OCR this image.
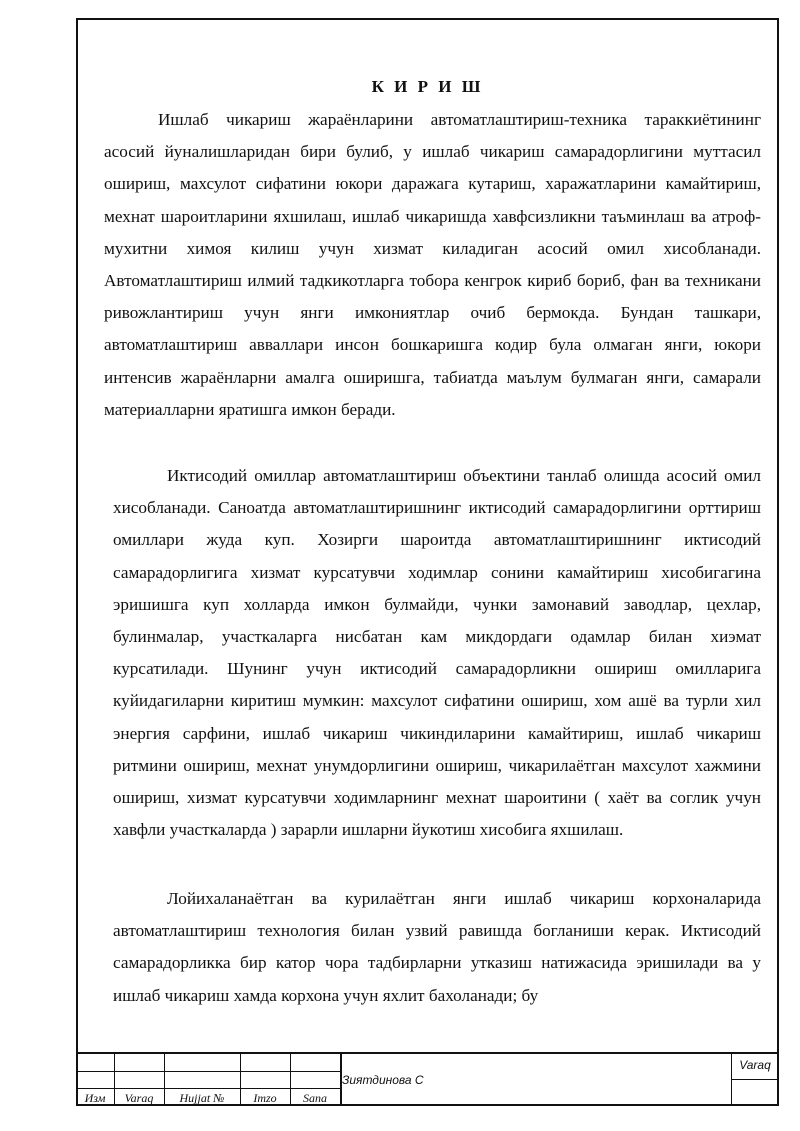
К И Р И Ш

Ишлаб чикариш жараёнларини автоматлаштириш-техника тараккиётининг асосий йуналишларидан бири булиб, у ишлаб чикариш самарадорлигини муттасил ошириш, махсулот сифатини юкори даражага кутариш, харажатларини камайтириш, мехнат шароитларини яхшилаш, ишлаб чикаришда хавфсизликни таъминлаш ва атроф-мухитни химоя килиш учун хизмат киладиган асосий омил хисобланади. Автоматлаштириш илмий тадкикотларга тобора кенгрок кириб бориб, фан ва техникани ривожлантириш учун янги имкониятлар очиб бермокда. Бундан ташкари, автоматлаштириш авваллари инсон бошкаришга кодир була олмаган янги, юкори интенсив жараёнларни амалга оширишга, табиатда маълум булмаган янги, самарали материалларни яратишга имкон беради.

Иктисодий омиллар автоматлаштириш объектини танлаб олишда асосий омил хисобланади. Саноатда автоматлаштиришнинг иктисодий самарадорлигини орттириш омиллари жуда куп. Хозирги шароитда автоматлаштиришнинг иктисодий самарадорлигига хизмат курсатувчи ходимлар сонини камайтириш хисобигагина эришишга куп холларда имкон булмайди, чунки замонавий заводлар, цехлар, булинмалар, участкаларга нисбатан кам микдордаги одамлар билан хиэмат курсатилади. Шунинг учун иктисодий самарадорликни ошириш омилларига куйидагиларни киритиш мумкин: махсулот сифатини ошириш, хом ашё ва турли хил энергия сарфини, ишлаб чикариш чикиндиларини камайтириш, ишлаб чикариш ритмини ошириш, мехнат унумдорлигини ошириш, чикарилаётган махсулот хажмини ошириш, хизмат курсатувчи ходимларнинг мехнат шароитини ( хаёт ва соглик учун хавфли участкаларда ) зарарли ишларни йукотиш хисобига яхшилаш.

Лойихаланаётган ва курилаётган янги ишлаб чикариш корхоналарида автоматлаштириш технология билан узвий равишда богланиши керак. Иктисодий самарадорликка бир катор чора тадбирларни утказиш натижасида эришилади ва у ишлаб чикариш хамда корхона учун яхлит бахоланади; бу

Изм	Varaq	Hujjat №	Imzo	Sana
Зиятдинова С
Varaq
